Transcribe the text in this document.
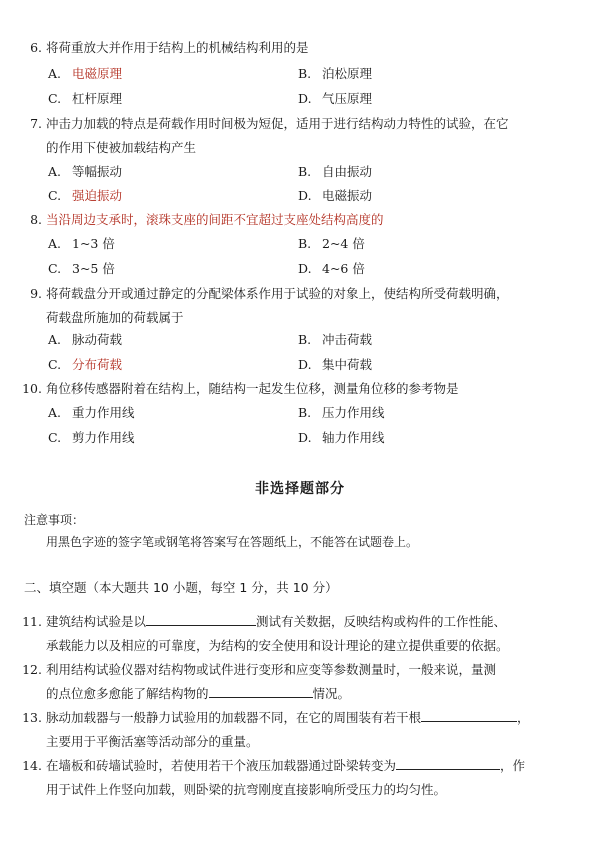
6. 将荷重放大并作用于结构上的机械结构利用的是
A. 电磁原理	B. 泊松原理
C. 杠杆原理	D. 气压原理
7. 冲击力加载的特点是荷载作用时间极为短促，适用于进行结构动力特性的试验，在它
的作用下使被加载结构产生
A. 等幅振动	B. 自由振动
C. 强迫振动	D. 电磁振动
8. 当沿周边支承时，滚珠支座的间距不宜超过支座处结构高度的
A. 1~3 倍	B. 2~4 倍
C. 3~5 倍	D. 4~6 倍
9. 将荷载盘分开或通过静定的分配梁体系作用于试验的对象上，使结构所受荷载明确，
荷载盘所施加的荷载属于
A. 脉动荷载	B. 冲击荷载
C. 分布荷载	D. 集中荷载
10. 角位移传感器附着在结构上，随结构一起发生位移，测量角位移的参考物是
A. 重力作用线	B. 压力作用线
C. 剪力作用线	D. 轴力作用线
非选择题部分
注意事项：
用黑色字迹的签字笔或钢笔将答案写在答题纸上，不能答在试题卷上。
二、填空题（本大题共 10 小题，每空 1 分，共 10 分）
11. 建筑结构试验是以	测试有关数据，反映结构或构件的工作性能、
承载能力以及相应的可靠度，为结构的安全使用和设计理论的建立提供重要的依据。
12. 利用结构试验仪器对结构物或试件进行变形和应变等参数测量时，一般来说，量测
的点位愈多愈能了解结构物的	情况。
13. 脉动加载器与一般静力试验用的加载器不同，在它的周围装有若干根	，
主要用于平衡活塞等活动部分的重量。
14. 在墙板和砖墙试验时，若使用若干个液压加载器通过卧梁转变为	，作
用于试件上作竖向加载，则卧梁的抗弯刚度直接影响所受压力的均匀性。
